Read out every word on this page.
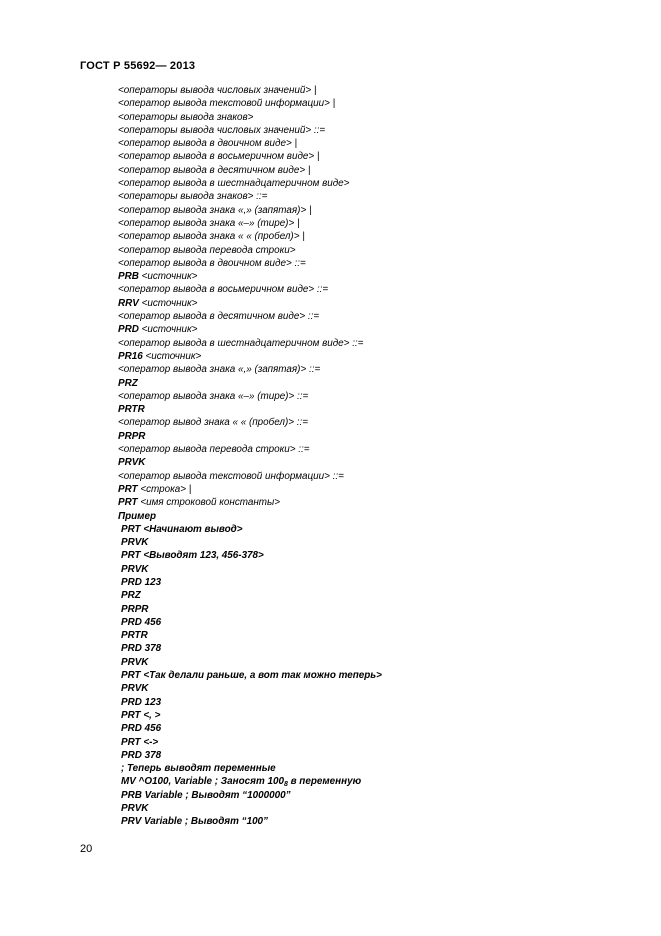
ГОСТ Р 55692— 2013
<операторы вывода числовых значений> |
<оператор вывода текстовой информации> |
<операторы вывода знаков>
<операторы вывода числовых значений> ::=
<оператор вывода в двоичном виде> |
<оператор вывода в восьмеричном виде> |
<оператор вывода в десятичном виде> |
<оператор вывода в шестнадцатеричном виде>
<операторы вывода знаков> ::=
<оператор вывода знака «,» (запятая)> |
<оператор вывода знака «–» (тире)> |
<оператор вывода знака « « (пробел)> |
<оператор вывода перевода строки>
<оператор вывода в двоичном виде> ::=
PRB <источник>
<оператор вывода в восьмеричном виде> ::=
RRV <источник>
<оператор вывода в десятичном виде> ::=
PRD <источник>
<оператор вывода в шестнадцатеричном виде> ::=
PR16 <источник>
<оператор вывода знака «,» (запятая)> ::=
PRZ
<оператор вывода знака «–» (тире)> ::=
PRTR
<оператор вывод знака « « (пробел)> ::=
PRPR
<оператор вывода перевода строки> ::=
PRVK
<оператор вывода текстовой информации> ::=
PRT <строка> |
PRT <имя строковой константы>
Пример
PRT <Начинают вывод>
PRVK
PRT <Выводят 123, 456-378>
PRVK
PRD 123
PRZ
PRPR
PRD 456
PRTR
PRD 378
PRVK
PRT <Так делали раньше, а вот так можно теперь>
PRVK
PRD 123
PRT <, >
PRD 456
PRT <->
PRD 378
; Теперь выводят переменные
MV ^O100, Variable ; Заносят $100_8$ в переменную
PRB Variable ; Выводят “1000000”
PRVK
PRV Variable ; Выводят “100”
20
